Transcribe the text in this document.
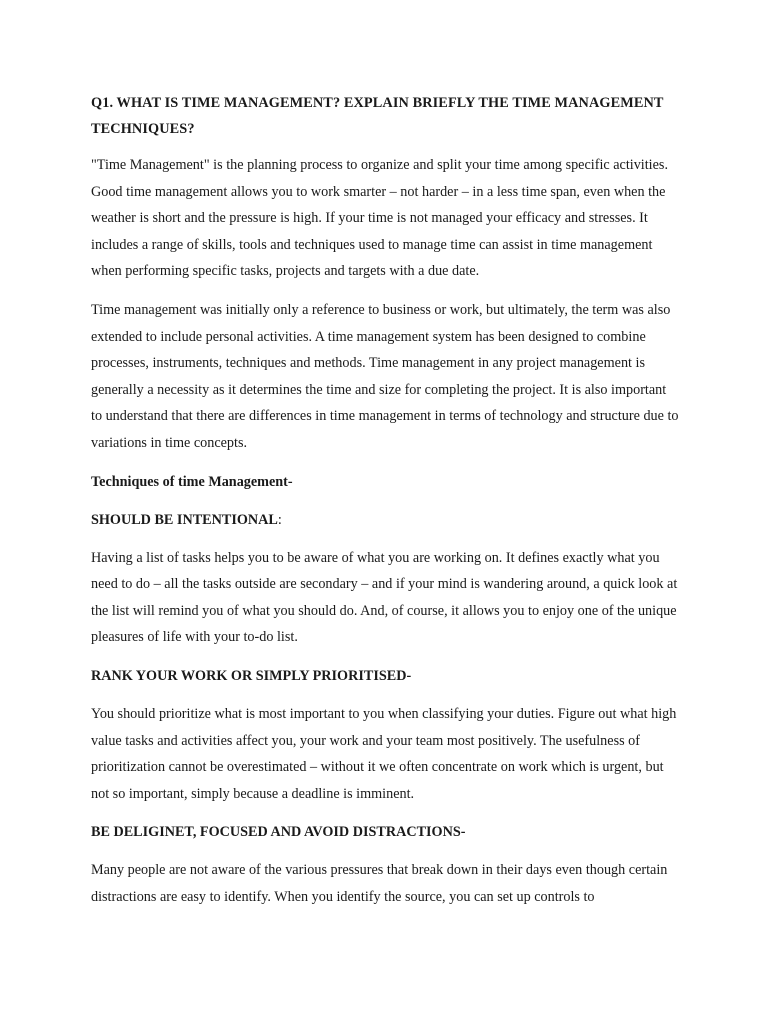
Q1. WHAT IS TIME MANAGEMENT? EXPLAIN BRIEFLY THE TIME MANAGEMENT TECHNIQUES?

"Time Management" is the planning process to organize and split your time among specific activities. Good time management allows you to work smarter – not harder – in a less time span, even when the weather is short and the pressure is high. If your time is not managed your efficacy and stresses. It includes a range of skills, tools and techniques used to manage time can assist in time management when performing specific tasks, projects and targets with a due date.

Time management was initially only a reference to business or work, but ultimately, the term was also extended to include personal activities. A time management system has been designed to combine processes, instruments, techniques and methods. Time management in any project management is generally a necessity as it determines the time and size for completing the project. It is also important to understand that there are differences in time management in terms of technology and structure due to variations in time concepts.

Techniques of time Management-
SHOULD BE INTENTIONAL:

Having a list of tasks helps you to be aware of what you are working on. It defines exactly what you need to do – all the tasks outside are secondary – and if your mind is wandering around, a quick look at the list will remind you of what you should do. And, of course, it allows you to enjoy one of the unique pleasures of life with your to-do list.

RANK YOUR WORK OR SIMPLY PRIORITISED-

You should prioritize what is most important to you when classifying your duties. Figure out what high value tasks and activities affect you, your work and your team most positively. The usefulness of prioritization cannot be overestimated – without it we often concentrate on work which is urgent, but not so important, simply because a deadline is imminent.

BE DELIGINET, FOCUSED AND AVOID DISTRACTIONS-

Many people are not aware of the various pressures that break down in their days even though certain distractions are easy to identify. When you identify the source, you can set up controls to
